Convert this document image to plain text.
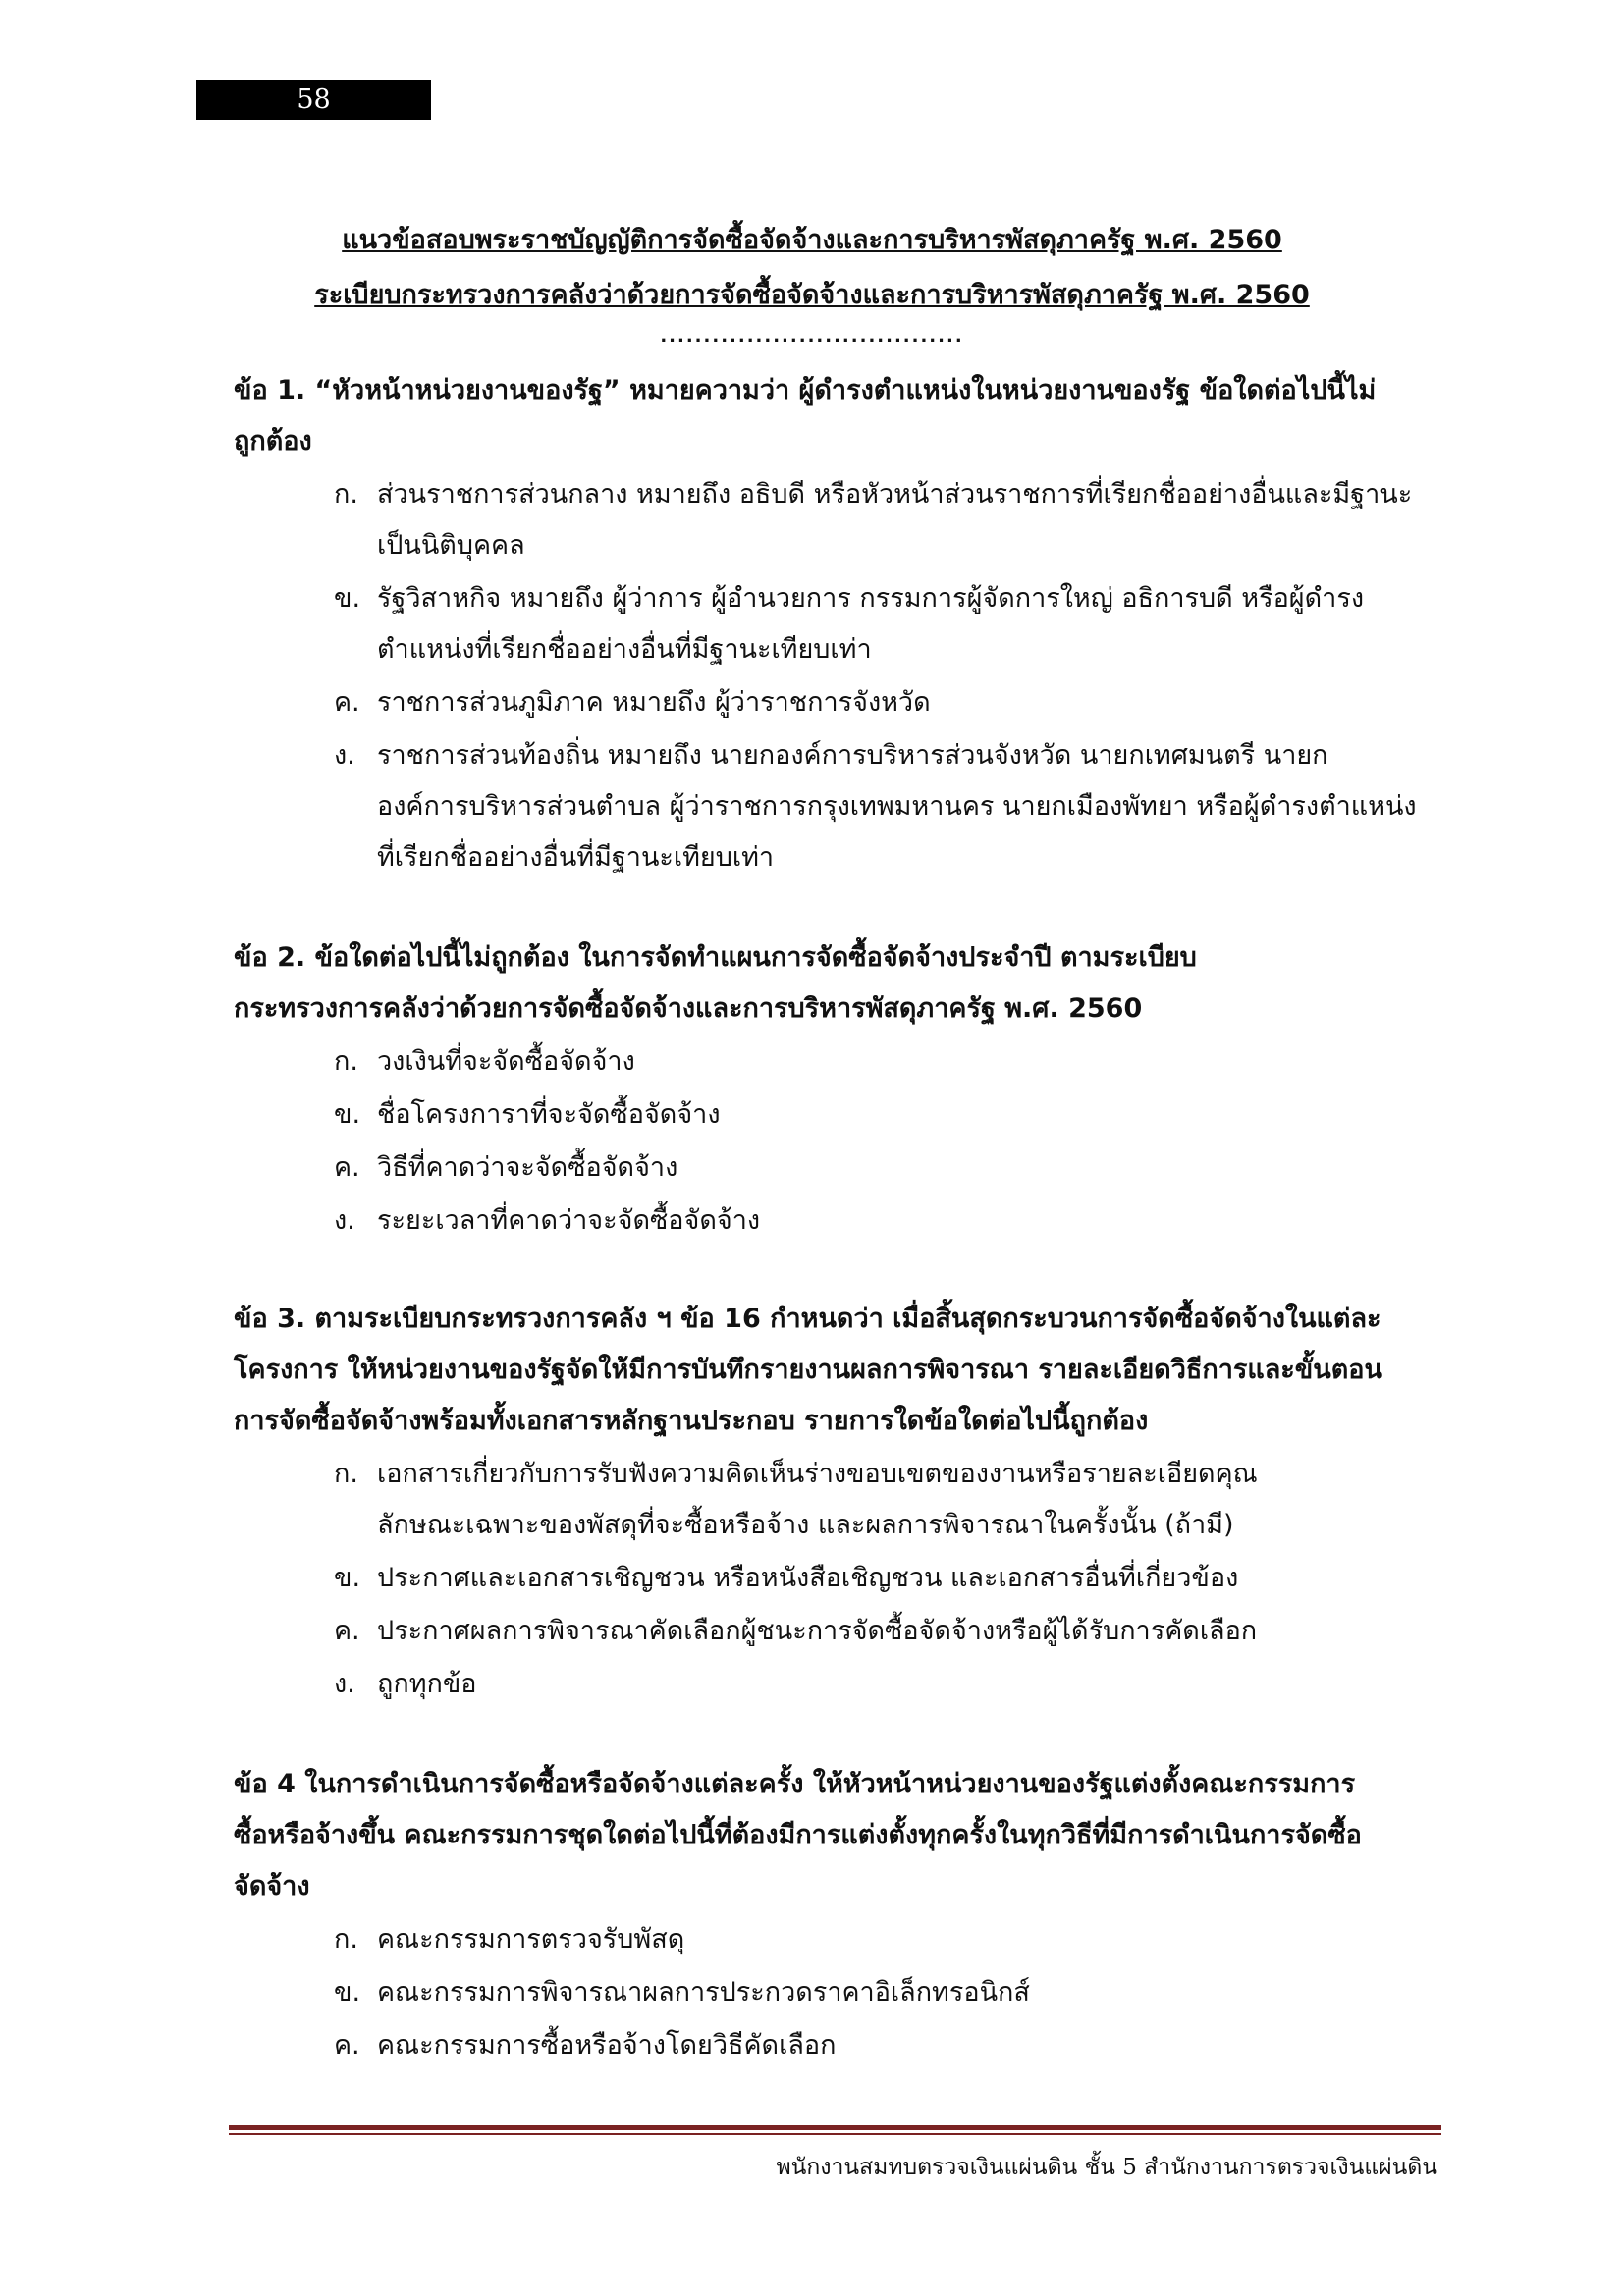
58
แนวข้อสอบพระราชบัญญัติการจัดซื้อจัดจ้างและการบริหารพัสดุภาครัฐ พ.ศ. 2560
ระเบียบกระทรวงการคลังว่าด้วยการจัดซื้อจัดจ้างและการบริหารพัสดุภาครัฐ พ.ศ. 2560
...................................
ข้อ 1. “หัวหน้าหน่วยงานของรัฐ” หมายความว่า ผู้ดำรงตำแหน่งในหน่วยงานของรัฐ ข้อใดต่อไปนี้ไม่
ถูกต้อง
ก. ส่วนราชการส่วนกลาง หมายถึง อธิบดี หรือหัวหน้าส่วนราชการที่เรียกชื่ออย่างอื่นและมีฐานะ
เป็นนิติบุคคล
ข. รัฐวิสาหกิจ หมายถึง ผู้ว่าการ ผู้อำนวยการ กรรมการผู้จัดการใหญ่ อธิการบดี หรือผู้ดำรง
ตำแหน่งที่เรียกชื่ออย่างอื่นที่มีฐานะเทียบเท่า
ค. ราชการส่วนภูมิภาค หมายถึง ผู้ว่าราชการจังหวัด
ง. ราชการส่วนท้องถิ่น หมายถึง นายกองค์การบริหารส่วนจังหวัด นายกเทศมนตรี นายก
องค์การบริหารส่วนตำบล ผู้ว่าราชการกรุงเทพมหานคร นายกเมืองพัทยา หรือผู้ดำรงตำแหน่ง
ที่เรียกชื่ออย่างอื่นที่มีฐานะเทียบเท่า
ข้อ 2. ข้อใดต่อไปนี้ไม่ถูกต้อง ในการจัดทำแผนการจัดซื้อจัดจ้างประจำปี ตามระเบียบ
กระทรวงการคลังว่าด้วยการจัดซื้อจัดจ้างและการบริหารพัสดุภาครัฐ พ.ศ. 2560
ก. วงเงินที่จะจัดซื้อจัดจ้าง
ข. ชื่อโครงการาที่จะจัดซื้อจัดจ้าง
ค. วิธีที่คาดว่าจะจัดซื้อจัดจ้าง
ง. ระยะเวลาที่คาดว่าจะจัดซื้อจัดจ้าง
ข้อ 3. ตามระเบียบกระทรวงการคลัง ฯ ข้อ 16 กำหนดว่า เมื่อสิ้นสุดกระบวนการจัดซื้อจัดจ้างในแต่ละ
โครงการ ให้หน่วยงานของรัฐจัดให้มีการบันทึกรายงานผลการพิจารณา รายละเอียดวิธีการและขั้นตอน
การจัดซื้อจัดจ้างพร้อมทั้งเอกสารหลักฐานประกอบ รายการใดข้อใดต่อไปนี้ถูกต้อง
ก. เอกสารเกี่ยวกับการรับฟังความคิดเห็นร่างขอบเขตของงานหรือรายละเอียดคุณ
ลักษณะเฉพาะของพัสดุที่จะซื้อหรือจ้าง และผลการพิจารณาในครั้งนั้น (ถ้ามี)
ข. ประกาศและเอกสารเชิญชวน หรือหนังสือเชิญชวน และเอกสารอื่นที่เกี่ยวข้อง
ค. ประกาศผลการพิจารณาคัดเลือกผู้ชนะการจัดซื้อจัดจ้างหรือผู้ได้รับการคัดเลือก
ง. ถูกทุกข้อ
ข้อ 4 ในการดำเนินการจัดซื้อหรือจัดจ้างแต่ละครั้ง ให้หัวหน้าหน่วยงานของรัฐแต่งตั้งคณะกรรมการ
ซื้อหรือจ้างขึ้น คณะกรรมการชุดใดต่อไปนี้ที่ต้องมีการแต่งตั้งทุกครั้งในทุกวิธีที่มีการดำเนินการจัดซื้อ
จัดจ้าง
ก. คณะกรรมการตรวจรับพัสดุ
ข. คณะกรรมการพิจารณาผลการประกวดราคาอิเล็กทรอนิกส์
ค. คณะกรรมการซื้อหรือจ้างโดยวิธีคัดเลือก
พนักงานสมทบตรวจเงินแผ่นดิน ชั้น 5 สำนักงานการตรวจเงินแผ่นดิน
